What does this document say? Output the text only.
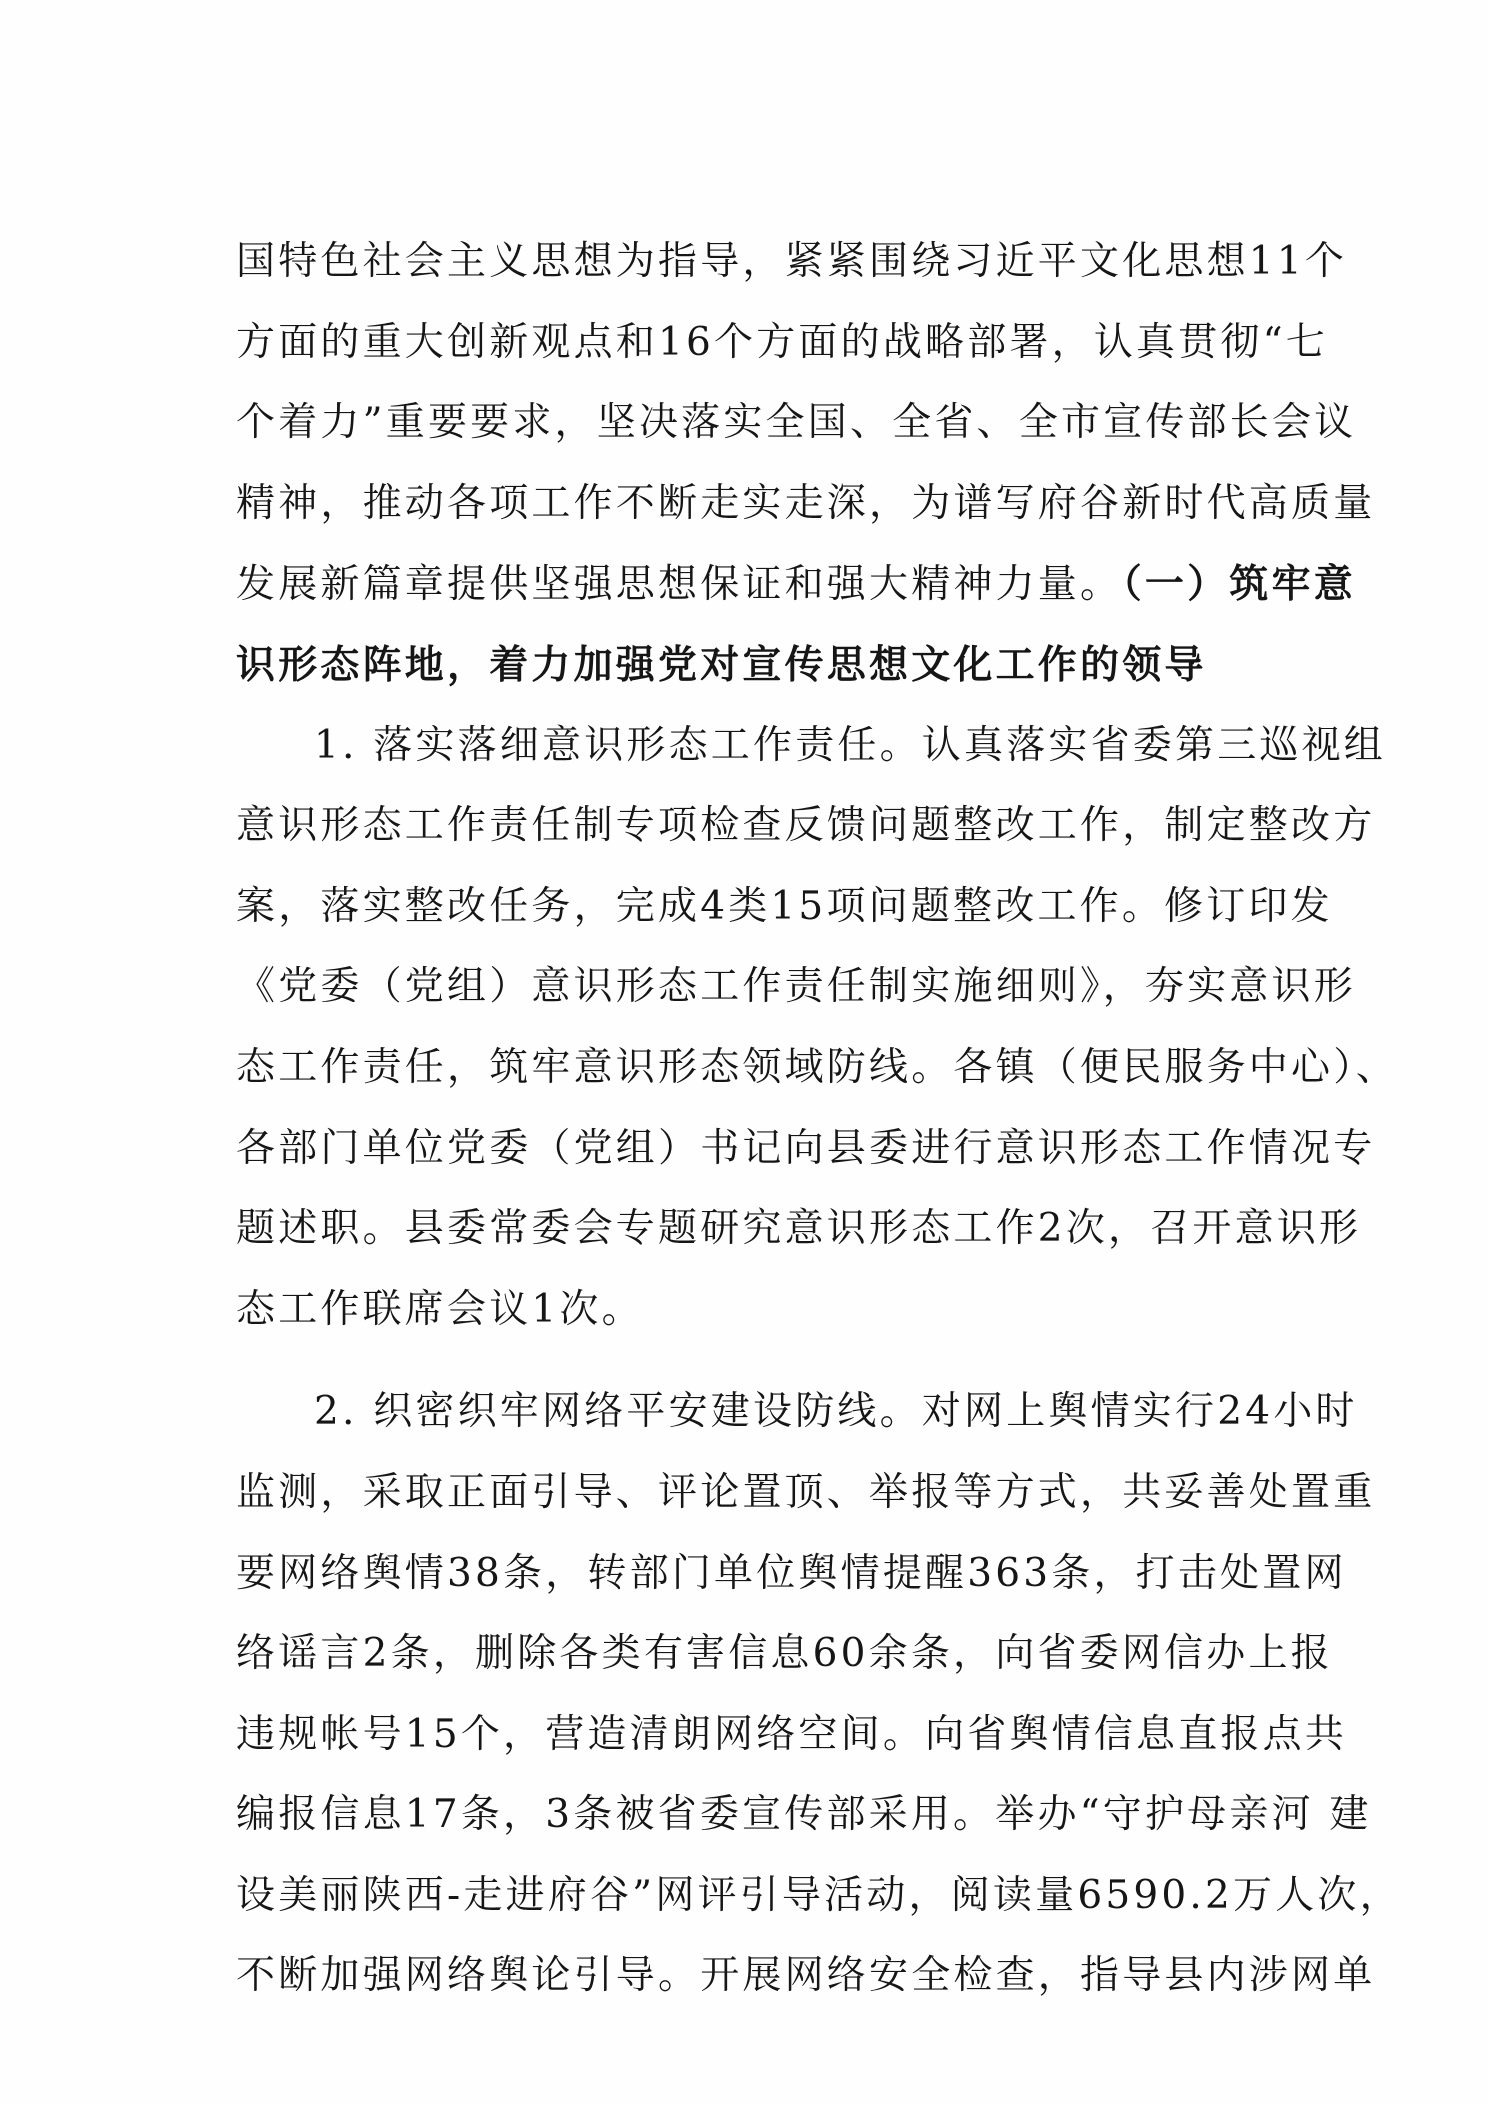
国特色社会主义思想为指导，紧紧围绕习近平文化思想11个
方面的重大创新观点和16个方面的战略部署，认真贯彻“七
个着力”重要要求，坚决落实全国、全省、全市宣传部长会议
精神，推动各项工作不断走实走深，为谱写府谷新时代高质量
发展新篇章提供坚强思想保证和强大精神力量。（一）筑牢意
识形态阵地，着力加强党对宣传思想文化工作的领导
1. 落实落细意识形态工作责任。认真落实省委第三巡视组
意识形态工作责任制专项检查反馈问题整改工作，制定整改方
案，落实整改任务，完成4类15项问题整改工作。修订印发
《党委（党组）意识形态工作责任制实施细则》，夯实意识形
态工作责任，筑牢意识形态领域防线。各镇（便民服务中心）、
各部门单位党委（党组）书记向县委进行意识形态工作情况专
题述职。县委常委会专题研究意识形态工作2次，召开意识形
态工作联席会议1次。
2. 织密织牢网络平安建设防线。对网上舆情实行24小时
监测，采取正面引导、评论置顶、举报等方式，共妥善处置重
要网络舆情38条，转部门单位舆情提醒363条，打击处置网
络谣言2条，删除各类有害信息60余条，向省委网信办上报
违规帐号15个，营造清朗网络空间。向省舆情信息直报点共
编报信息17条，3条被省委宣传部采用。举办“守护母亲河 建
设美丽陕西-走进府谷”网评引导活动，阅读量6590.2万人次，
不断加强网络舆论引导。开展网络安全检查，指导县内涉网单
